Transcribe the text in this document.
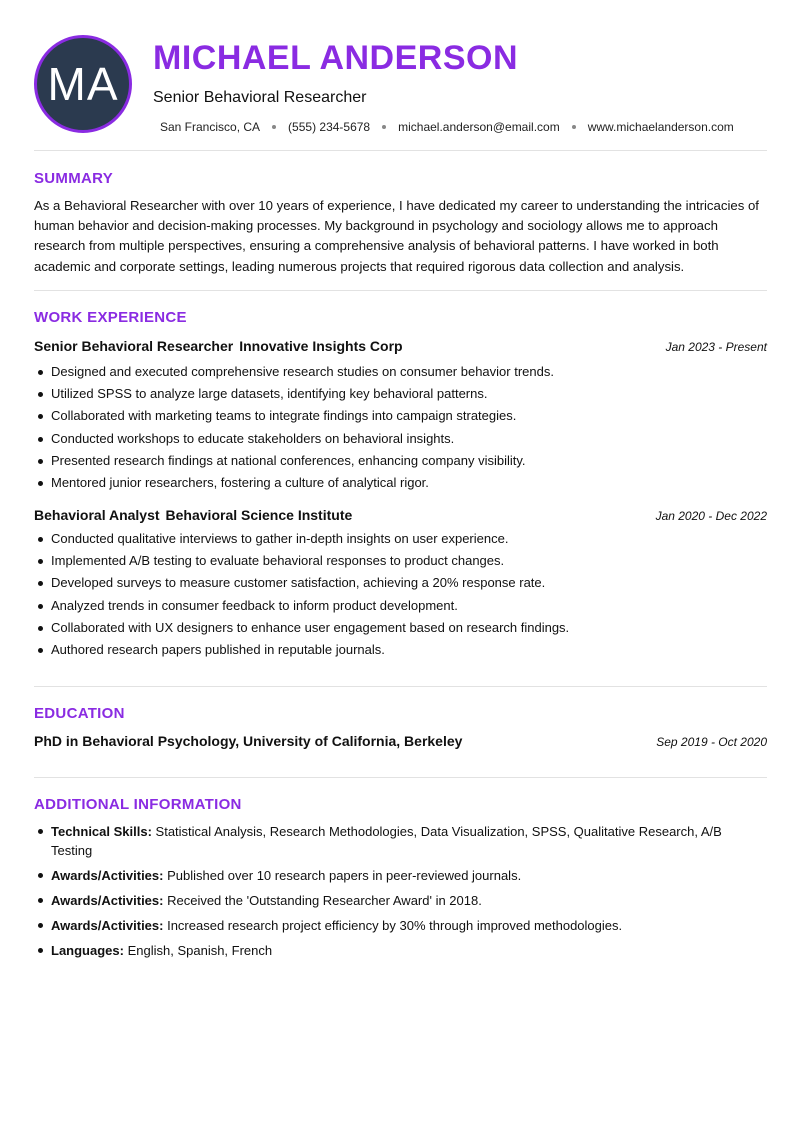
MA MICHAEL ANDERSON
Senior Behavioral Researcher
San Francisco, CA (555) 234-5678 michael.anderson@email.com www.michaelanderson.com
SUMMARY
As a Behavioral Researcher with over 10 years of experience, I have dedicated my career to understanding the intricacies of human behavior and decision-making processes. My background in psychology and sociology allows me to approach research from multiple perspectives, ensuring a comprehensive analysis of behavioral patterns. I have worked in both academic and corporate settings, leading numerous projects that required rigorous data collection and analysis.
WORK EXPERIENCE
Senior Behavioral Researcher Innovative Insights Corp	Jan 2023 - Present
Designed and executed comprehensive research studies on consumer behavior trends.
Utilized SPSS to analyze large datasets, identifying key behavioral patterns.
Collaborated with marketing teams to integrate findings into campaign strategies.
Conducted workshops to educate stakeholders on behavioral insights.
Presented research findings at national conferences, enhancing company visibility.
Mentored junior researchers, fostering a culture of analytical rigor.
Behavioral Analyst Behavioral Science Institute	Jan 2020 - Dec 2022
Conducted qualitative interviews to gather in-depth insights on user experience.
Implemented A/B testing to evaluate behavioral responses to product changes.
Developed surveys to measure customer satisfaction, achieving a 20% response rate.
Analyzed trends in consumer feedback to inform product development.
Collaborated with UX designers to enhance user engagement based on research findings.
Authored research papers published in reputable journals.
EDUCATION
PhD in Behavioral Psychology, University of California, Berkeley	Sep 2019 - Oct 2020
ADDITIONAL INFORMATION
Technical Skills: Statistical Analysis, Research Methodologies, Data Visualization, SPSS, Qualitative Research, A/B Testing
Awards/Activities: Published over 10 research papers in peer-reviewed journals.
Awards/Activities: Received the 'Outstanding Researcher Award' in 2018.
Awards/Activities: Increased research project efficiency by 30% through improved methodologies.
Languages: English, Spanish, French
